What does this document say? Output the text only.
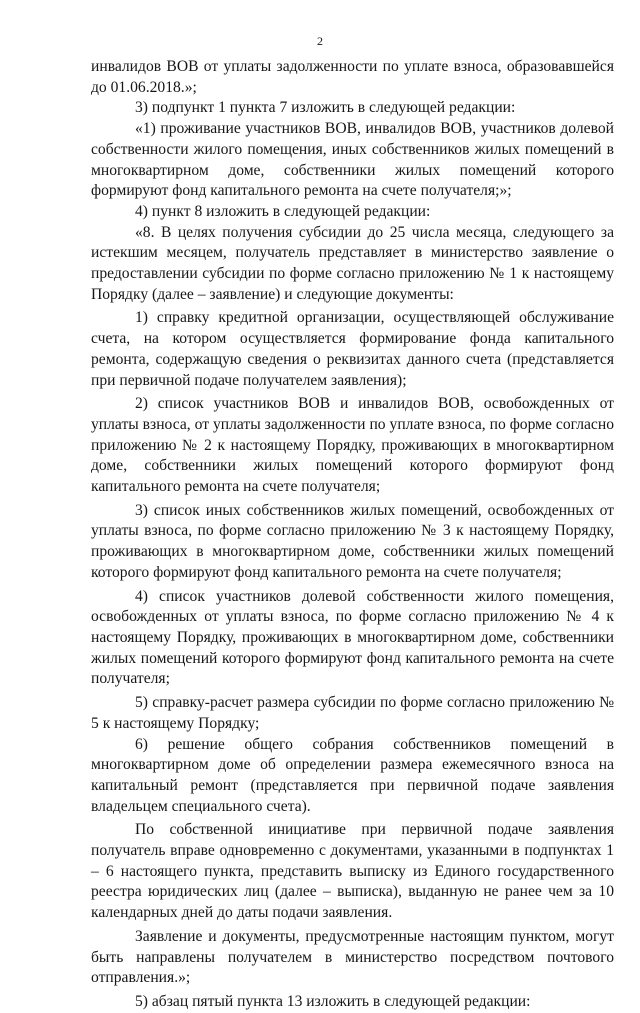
2

инвалидов ВОВ от уплаты задолженности по уплате взноса, образовавшейся до 01.06.2018.»;

3) подпункт 1 пункта 7 изложить в следующей редакции:

«1) проживание участников ВОВ, инвалидов ВОВ, участников долевой собственности жилого помещения, иных собственников жилых помещений в многоквартирном доме, собственники жилых помещений которого формируют фонд капитального ремонта на счете получателя;»;

4) пункт 8 изложить в следующей редакции:

«8. В целях получения субсидии до 25 числа месяца, следующего за истекшим месяцем, получатель представляет в министерство заявление о предоставлении субсидии по форме согласно приложению № 1 к настоящему Порядку (далее – заявление) и следующие документы:

1) справку кредитной организации, осуществляющей обслуживание счета, на котором осуществляется формирование фонда капитального ремонта, содержащую сведения о реквизитах данного счета (представляется при первичной подаче получателем заявления);

2) список участников ВОВ и инвалидов ВОВ, освобожденных от уплаты взноса, от уплаты задолженности по уплате взноса, по форме согласно приложению № 2 к настоящему Порядку, проживающих в многоквартирном доме, собственники жилых помещений которого формируют фонд капитального ремонта на счете получателя;

3) список иных собственников жилых помещений, освобожденных от уплаты взноса, по форме согласно приложению № 3 к настоящему Порядку, проживающих в многоквартирном доме, собственники жилых помещений которого формируют фонд капитального ремонта на счете получателя;

4) список участников долевой собственности жилого помещения, освобожденных от уплаты взноса, по форме согласно приложению № 4 к настоящему Порядку, проживающих в многоквартирном доме, собственники жилых помещений которого формируют фонд капитального ремонта на счете получателя;

5) справку-расчет размера субсидии по форме согласно приложению № 5 к настоящему Порядку;

6) решение общего собрания собственников помещений в многоквартирном доме об определении размера ежемесячного взноса на капитальный ремонт (представляется при первичной подаче заявления владельцем специального счета).

По собственной инициативе при первичной подаче заявления получатель вправе одновременно с документами, указанными в подпунктах 1 – 6 настоящего пункта, представить выписку из Единого государственного реестра юридических лиц (далее – выписка), выданную не ранее чем за 10 календарных дней до даты подачи заявления.

Заявление и документы, предусмотренные настоящим пунктом, могут быть направлены получателем в министерство посредством почтового отправления.»;

5) абзац пятый пункта 13 изложить в следующей редакции:
